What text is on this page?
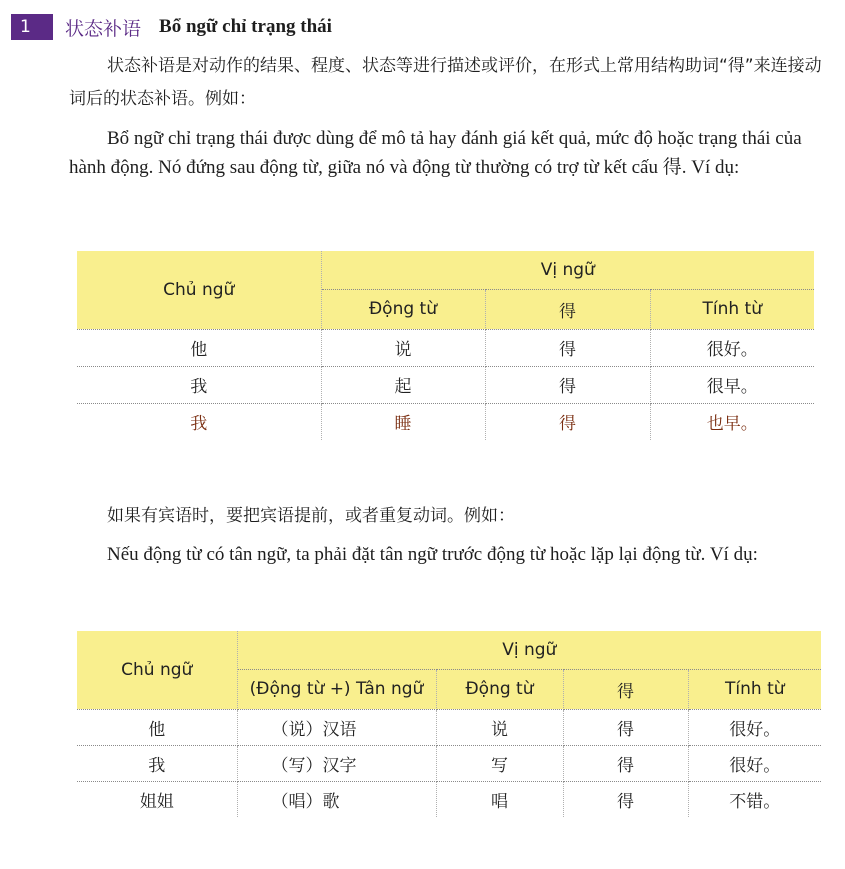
1	状态补语 Bổ ngữ chỉ trạng thái

状态补语是对动作的结果、程度、状态等进行描述或评价，在形式上常用结构助词“得”来连接动词后的状态补语。例如：

Bổ ngữ chỉ trạng thái được dùng để mô tả hay đánh giá kết quả, mức độ hoặc trạng thái của hành động. Nó đứng sau động từ, giữa nó và động từ thường có trợ từ kết cấu 得. Ví dụ:

Chủ ngữ	Vị ngữ		
	Động từ	得	Tính từ
他	说	得	很好。
我	起	得	很早。
我	睡	得	也早。

如果有宾语时，要把宾语提前，或者重复动词。例如：

Nếu động từ có tân ngữ, ta phải đặt tân ngữ trước động từ hoặc lặp lại động từ. Ví dụ:

Chủ ngữ	Vị ngữ			
	(Động từ +) Tân ngữ	Động từ	得	Tính từ
他	（说）汉语	说	得	很好。
我	（写）汉字	写	得	很好。
姐姐	（唱）歌	唱	得	不错。
